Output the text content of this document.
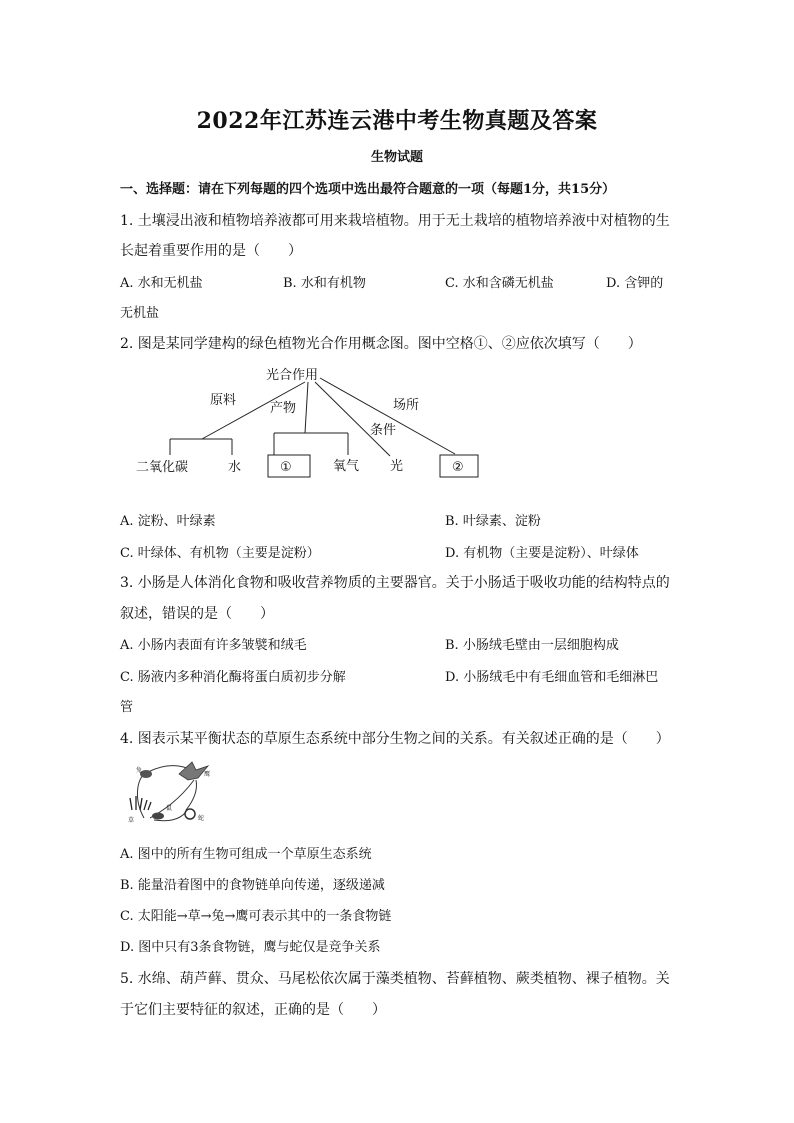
2022年江苏连云港中考生物真题及答案
生物试题
一、选择题：请在下列每题的四个选项中选出最符合题意的一项（每题1分，共15分）
1. 土壤浸出液和植物培养液都可用来栽培植物。用于无土栽培的植物培养液中对植物的生
长起着重要作用的是（　　）
A. 水和无机盐	B. 水和有机物	C. 水和含磷无机盐	D. 含钾的
无机盐
2. 图是某同学建构的绿色植物光合作用概念图。图中空格①、②应依次填写（　　）
光合作用
原料
产物
条件
场所
二氧化碳	水	①	氧气 光	②
A. 淀粉、叶绿素	B. 叶绿素、淀粉
C. 叶绿体、有机物（主要是淀粉）	D. 有机物（主要是淀粉）、叶绿体
3. 小肠是人体消化食物和吸收营养物质的主要器官。关于小肠适于吸收功能的结构特点的
叙述，错误的是（　　）
A. 小肠内表面有许多皱襞和绒毛	B. 小肠绒毛壁由一层细胞构成
C. 肠液内多种消化酶将蛋白质初步分解	D. 小肠绒毛中有毛细血管和毛细淋巴
管
4. 图表示某平衡状态的草原生态系统中部分生物之间的关系。有关叙述正确的是（　　）
草
兔
鼠
鹰
蛇
A. 图中的所有生物可组成一个草原生态系统
B. 能量沿着图中的食物链单向传递，逐级递减
C. 太阳能→草→兔→鹰可表示其中的一条食物链
D. 图中只有3条食物链，鹰与蛇仅是竞争关系
5. 水绵、葫芦藓、贯众、马尾松依次属于藻类植物、苔藓植物、蕨类植物、裸子植物。关
于它们主要特征的叙述，正确的是（　　）
